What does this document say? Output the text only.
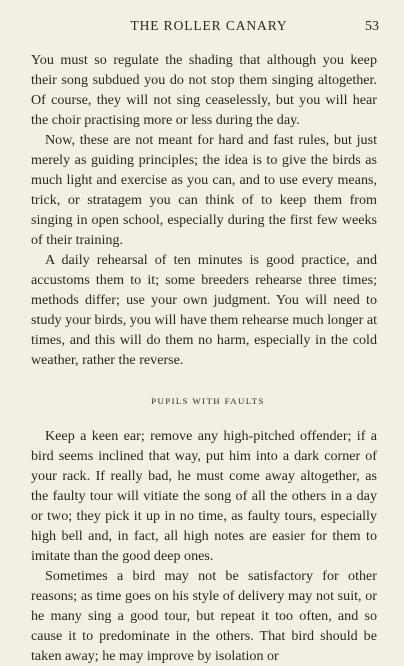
THE ROLLER CANARY	53

You must so regulate the shading that although you keep their song subdued you do not stop them singing altogether. Of course, they will not sing ceaselessly, but you will hear the choir practising more or less during the day.

Now, these are not meant for hard and fast rules, but just merely as guiding principles; the idea is to give the birds as much light and exercise as you can, and to use every means, trick, or stratagem you can think of to keep them from singing in open school, especially during the first few weeks of their training.

A daily rehearsal of ten minutes is good practice, and accustoms them to it; some breeders rehearse three times; methods differ; use your own judgment. You will need to study your birds, you will have them rehearse much longer at times, and this will do them no harm, especially in the cold weather, rather the reverse.

PUPILS WITH FAULTS

Keep a keen ear; remove any high-pitched offender; if a bird seems inclined that way, put him into a dark corner of your rack. If really bad, he must come away altogether, as the faulty tour will vitiate the song of all the others in a day or two; they pick it up in no time, as faulty tours, especially high bell and, in fact, all high notes are easier for them to imitate than the good deep ones.

Sometimes a bird may not be satisfactory for other reasons; as time goes on his style of delivery may not suit, or he many sing a good tour, but repeat it too often, and so cause it to predominate in the others. That bird should be taken away; he may improve by isolation or
